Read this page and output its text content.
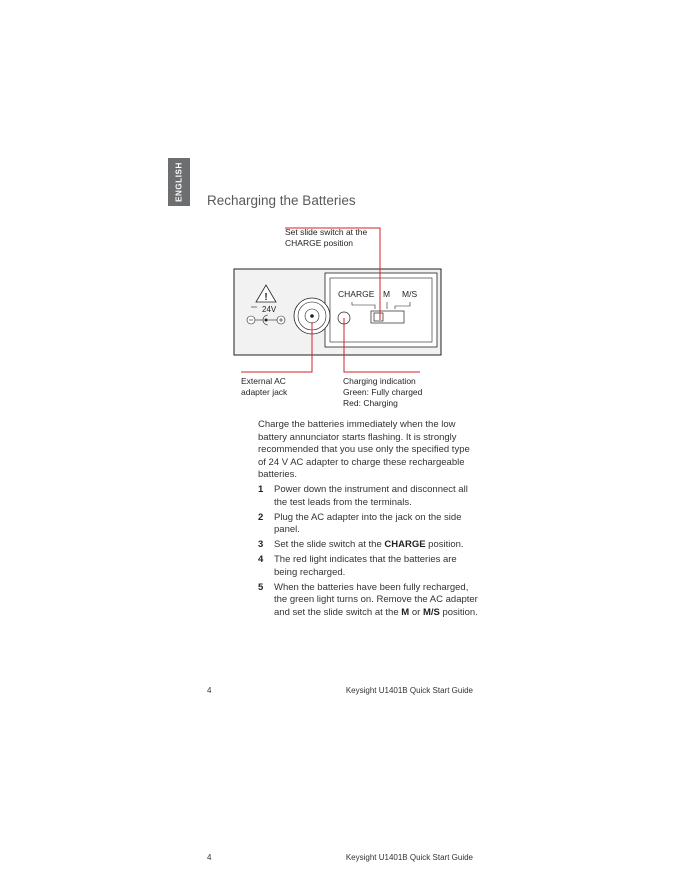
ENGLISH Recharging the Batteries
!
24V
CHARGE M M/S
Set slide switch at the
CHARGE position
External AC
adapter jack
Charging indication
Green: Fully charged
Red: Charging

Charge the batteries immediately when the low battery annunciator starts flashing. It is strongly recommended that you use only the specified type of 24 V AC adapter to charge these rechargeable batteries.

1 Power down the instrument and disconnect all the test leads from the terminals.
2 Plug the AC adapter into the jack on the side panel.
3 Set the slide switch at the CHARGE position.
4 The red light indicates that the batteries are being recharged.
5 When the batteries have been fully recharged, the green light turns on. Remove the AC adapter and set the slide switch at the M or M/S position.
4	Keysight U1401B Quick Start Guide
4	Keysight U1401B Quick Start Guide
